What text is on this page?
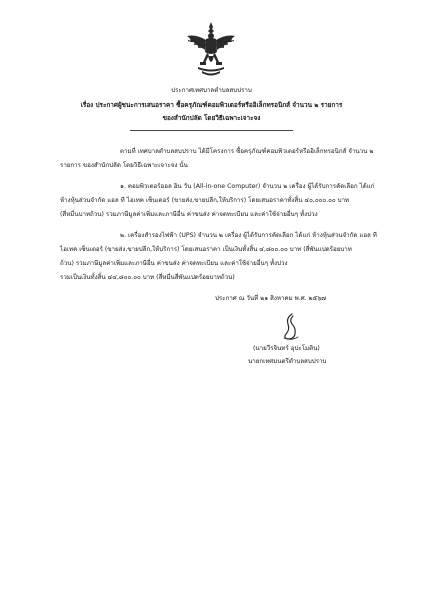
ประกาศเทศบาลตำบลสบปราบ
เรื่อง ประกาศผู้ชนะการเสนอราคา ซื้อครุภัณฑ์คอมพิวเตอร์หรืออิเล็กทรอนิกส์ จำนวน ๒ รายการ
ของสำนักปลัด โดยวิธีเฉพาะเจาะจง
ตามที่ เทศบาลตำบลสบปราบ ได้มีโครงการ ซื้อครุภัณฑ์คอมพิวเตอร์หรืออิเล็กทรอนิกส์ จำนวน ๒
รายการ ของสำนักปลัด โดยวิธีเฉพาะเจาะจง นั้น
๑. คอมพิวเตอร์ออล อิน วัน (All-in-one Computer) จำนวน ๒ เครื่อง ผู้ได้รับการคัดเลือก ได้แก่
ห้างหุ้นส่วนจำกัด แอล ที ไฮเทค เซ็นเตอร์ (ขายส่ง,ขายปลีก,ให้บริการ) โดยเสนอราคาทั้งสิ้น ๔๐,๐๐๐.๐๐ บาท
(สี่หมื่นบาทถ้วน) รวมภาษีมูลค่าเพิ่มและภาษีอื่น ค่าขนส่ง ค่าจดทะเบียน และค่าใช้จ่ายอื่นๆ ทั้งปวง
๒. เครื่องสำรองไฟฟ้า (UPS) จำนวน ๒ เครื่อง ผู้ได้รับการคัดเลือก ได้แก่ ห้างหุ้นส่วนจำกัด แอล ที
ไฮเทค เซ็นเตอร์ (ขายส่ง,ขายปลีก,ให้บริการ) โดยเสนอราคา เป็นเงินทั้งสิ้น ๔,๘๐๐.๐๐ บาท (สี่พันแปดร้อยบาท
ถ้วน) รวมภาษีมูลค่าเพิ่มและภาษีอื่น ค่าขนส่ง ค่าจดทะเบียน และค่าใช้จ่ายอื่นๆ ทั้งปวง
รวมเป็นเงินทั้งสิ้น ๔๔,๘๐๐.๐๐ บาท (สี่หมื่นสี่พันแปดร้อยบาทถ้วน)
ประกาศ ณ วันที่ ๒๑ สิงหาคม พ.ศ. ๒๕๖๗
(นายวีรจินทร์ อุปะโมติน)
นายกเทศมนตรีตำบลสบปราบ
